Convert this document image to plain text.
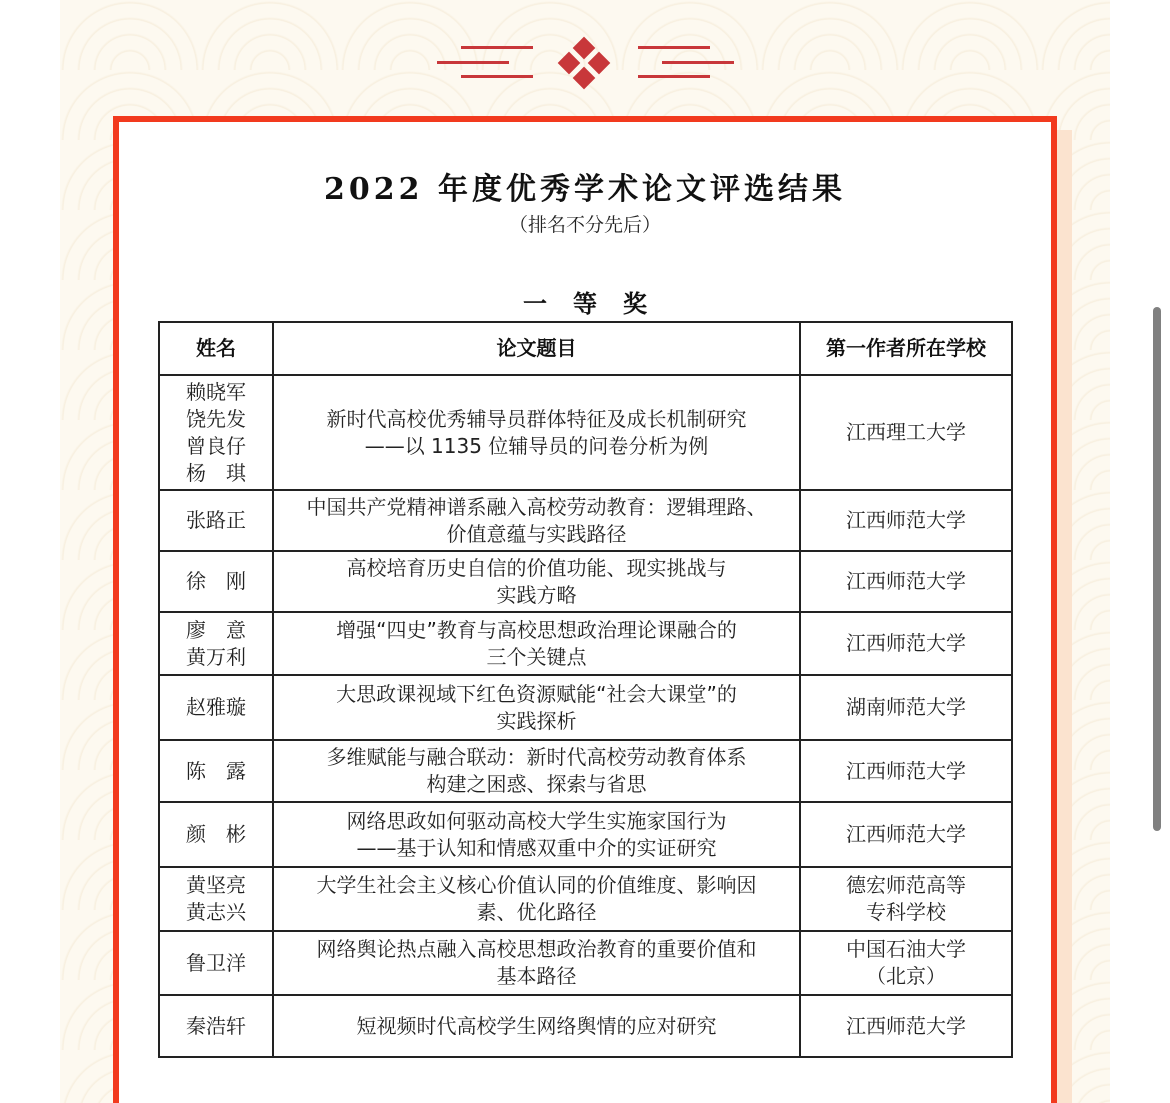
2022 年度优秀学术论文评选结果
（排名不分先后）
一等奖
姓名	论文题目	第一作者所在学校

赖晓军
饶先发
曾良仔
杨　琪	新时代高校优秀辅导员群体特征及成长机制研究
——以 1135 位辅导员的问卷分析为例	江西理工大学

张路正	中国共产党精神谱系融入高校劳动教育：逻辑理路、
价值意蕴与实践路径	江西师范大学

徐　刚	高校培育历史自信的价值功能、现实挑战与
实践方略	江西师范大学

廖　意
黄万利	增强“四史”教育与高校思想政治理论课融合的
三个关键点	江西师范大学

赵雅璇	大思政课视域下红色资源赋能“社会大课堂”的
实践探析	湖南师范大学

陈　露	多维赋能与融合联动：新时代高校劳动教育体系
构建之困惑、探索与省思	江西师范大学

颜　彬	网络思政如何驱动高校大学生实施家国行为
——基于认知和情感双重中介的实证研究	江西师范大学

黄坚亮
黄志兴	大学生社会主义核心价值认同的价值维度、影响因
素、优化路径	德宏师范高等
专科学校

鲁卫洋	网络舆论热点融入高校思想政治教育的重要价值和
基本路径	中国石油大学
（北京）

秦浩轩	短视频时代高校学生网络舆情的应对研究	江西师范大学
